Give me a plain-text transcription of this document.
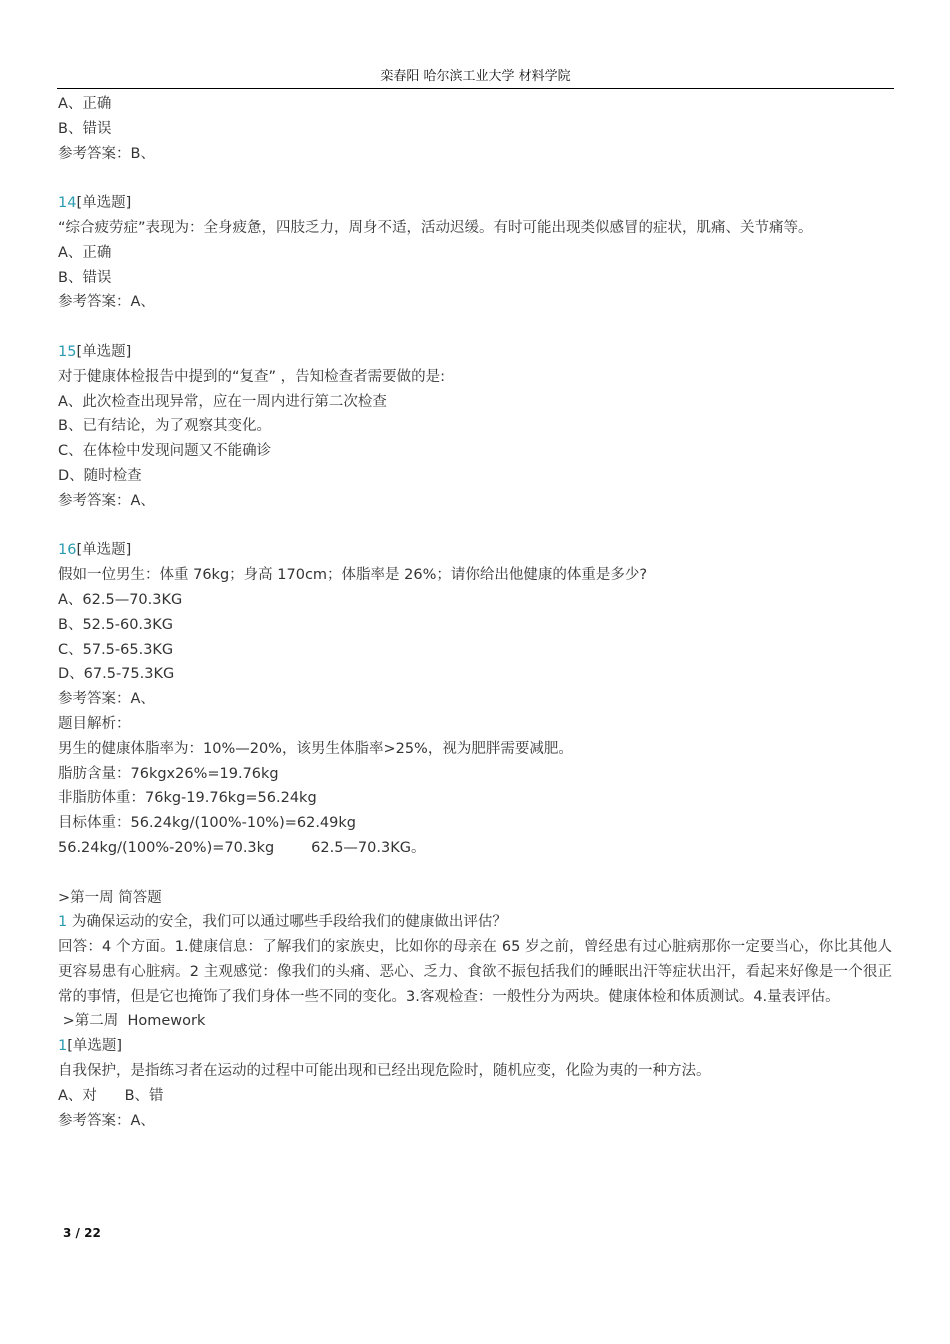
栾春阳 哈尔滨工业大学 材料学院
A、正确
B、错误
参考答案：B、
14[单选题]
“综合疲劳症”表现为：全身疲惫，四肢乏力，周身不适，活动迟缓。有时可能出现类似感冒的症状，肌痛、关节痛等。
A、正确
B、错误
参考答案：A、
15[单选题]
对于健康体检报告中提到的“复查” ，告知检查者需要做的是:
A、此次检查出现异常，应在一周内进行第二次检查
B、已有结论，为了观察其变化。
C、在体检中发现问题又不能确诊
D、随时检查
参考答案：A、
16[单选题]
假如一位男生：体重 76kg；身高 170cm；体脂率是 26%；请你给出他健康的体重是多少?
A、62.5—70.3KG
B、52.5-60.3KG
C、57.5-65.3KG
D、67.5-75.3KG
参考答案：A、
题目解析：
男生的健康体脂率为：10%—20%，该男生体脂率>25%，视为肥胖需要减肥。
脂肪含量：76kgx26%=19.76kg
非脂肪体重：76kg-19.76kg=56.24kg
目标体重：56.24kg/(100%-10%)=62.49kg
56.24kg/(100%-20%)=70.3kg        62.5—70.3KG。
>第一周 简答题
1 为确保运动的安全，我们可以通过哪些手段给我们的健康做出评估？
回答：4 个方面。1.健康信息：了解我们的家族史，比如你的母亲在 65 岁之前，曾经患有过心脏病那你一定要当心，你比其他人更容易患有心脏病。2 主观感觉：像我们的头痛、恶心、乏力、食欲不振包括我们的睡眠出汗等症状出汗，看起来好像是一个很正常的事情，但是它也掩饰了我们身体一些不同的变化。3.客观检查：一般性分为两块。健康体检和体质测试。4.量表评估。
>第二周  Homework
1[单选题]
自我保护，是指练习者在运动的过程中可能出现和已经出现危险时，随机应变，化险为夷的一种方法。
A、对      B、错
参考答案：A、
3 / 22
